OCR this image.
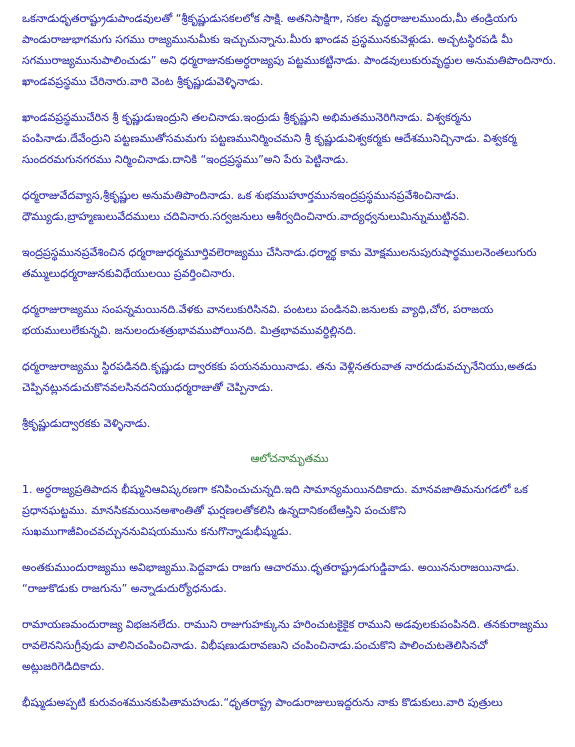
ఒకనాడుధృతరాష్ట్రుడుపాండవులతో “శ్రీకృష్ణుడుసకలలోక సాక్షి. అతనిసాక్షిగా, సకల వృద్ధరాజులముందు,మీ తండ్రియగు పాండురాజుభాగమగు సగము రాజ్యమునుమీకు ఇచ్చుచున్నాను.మీరు ఖాండవ ప్రస్థమునకువెళ్లుడు. అచ్చటస్థిరపడి మీ సగమురాజ్యమునుపాలించుడు” అని ధర్మరాజునకుఅర్ధరాజ్యపు పట్టముకట్టినాడు. పాండవులుకురువృద్ధుల అనుమతిపొందినారు. ఖాండవప్రస్థము చేరినారు.వారి వెంట శ్రీకృష్ణుడువెళ్ళినాడు.

ఖాండవప్రస్థముచేరిన శ్రీ కృష్ణుడుఇంద్రుని తలచినాడు.ఇంద్రుడు శ్రీకృష్ణుని అభిమతమునెరిగినాడు. విశ్వకర్మను పంపినాడు.దేవేంద్రుని పట్టణముతోసమమగు పట్టణమునిర్మించమని శ్రీ కృష్ణుడువిశ్వకర్మకు ఆదేశమునిచ్చినాడు. విశ్వకర్మ సుందరమగునగరము నిర్మించినాడు.దానికి “ఇంద్రప్రస్థము”అని పేరు పెట్టినాడు.

ధర్మరాజువేదవ్యాస,శ్రీకృష్ణుల అనుమతిపొందినాడు. ఒక శుభముహూర్తమునఇంద్రప్రస్థమునప్రవేశించినాడు. ధౌమ్యుడు,బ్రాహ్మణులువేదములు చదివినారు.సర్వజనులు ఆశీర్వదించినారు.వాద్యధ్వనులుమిన్నుముట్టినవి.

ఇంద్రప్రస్థమునప్రవేశించిన ధర్మరాజుధర్మమూర్తివలెరాజ్యము చేసినాడు.ధర్మార్థ కామ మోక్షములనుపురుషార్థములనెంతలుగురు తమ్ములుధర్మరాజునకువిధేయులయి ప్రవర్తించినారు.

ధర్మరాజురాజ్యము సంపన్నమయినది.వేళకు వానలుకురిసినవి. పంటలు పండినవి.జనులకు వ్యాధి,చోర, పరాజయ భయములులేకున్నవి. జనులందుశత్రుభావముపోయినది. మిత్రభావమువర్ధిల్లినది.

ధర్మరాజురాజ్యము స్థిరపడినది.కృష్ణుడు ద్వారకకు పయనమయినాడు. తను వెళ్లినతరువాత నారదుడువచ్చునేనియు,అతడు చెప్పినట్లునడుచుకొనవలసినదనియుధర్మరాజుతో చెప్పినాడు.

శ్రీకృష్ణుడుద్వారకకు వెళ్ళినాడు.

ఆలోచనామృతము

1. అర్ధరాజ్యప్రతిపాదన భీష్మునిఆవిష్కరణగా కనిపించుచున్నది.ఇది సామాన్యమయినదికాదు. మానవజాతిమనుగడలో ఒక ప్రధానఘట్టము. మానసికమయినఅశాంతితో ఘర్షణలతోకలిసి ఉన్నదానికంటేఆస్తిని పంచుకొని సుఖముగాజీవించవచ్చుననువిషయమును కనుగొన్నాడుభీష్ముడు.

అంతకుముందురాజ్యము అవిభాజ్యము.పెద్దవాడు రాజగు ఆచారము.ధృతరాష్ట్రుడుగుడ్డివాడు. అయిననురాజయినాడు. “రాజుకొడుకు రాజగును” అన్నాడుదుర్యోధనుడు.

రామాయణమందురాజ్య విభజనలేదు. రాముని రాజుగుహక్కును హరించుటకైకైక రాముని అడవులకుపంపినది. తనకురాజ్యము రావలెననిసుగ్రీవుడు వాలినిచంపించినాడు. విభీషణుడురావణుని చంపించినాడు.పంచుకొని పాలించుటతెలిసినచో అట్లుజరిగెడిదికాదు.

భీష్ముడుఅప్పటి కురువంశమునకుపితామహుడు.“ధృతరాష్ట్ర పాండురాజులుఇద్దరును నాకు కొడుకులు.వారి పుత్రులు
